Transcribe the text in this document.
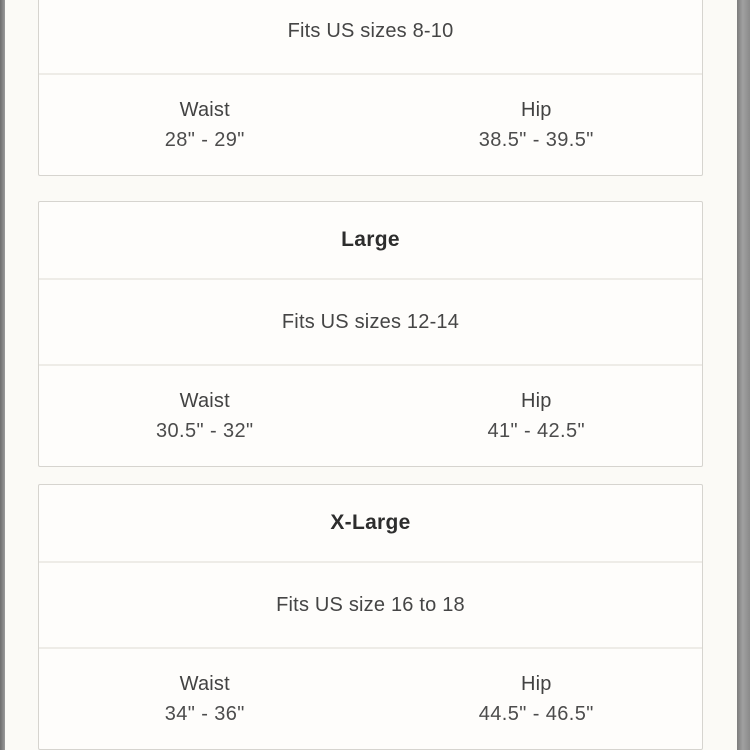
Fits US sizes 8-10
Waist
28" - 29"
Hip
38.5" - 39.5"
Large
Fits US sizes 12-14
Waist
30.5" - 32"
Hip
41" - 42.5"
X-Large
Fits US size 16 to 18
Waist
34" - 36"
Hip
44.5" - 46.5"
